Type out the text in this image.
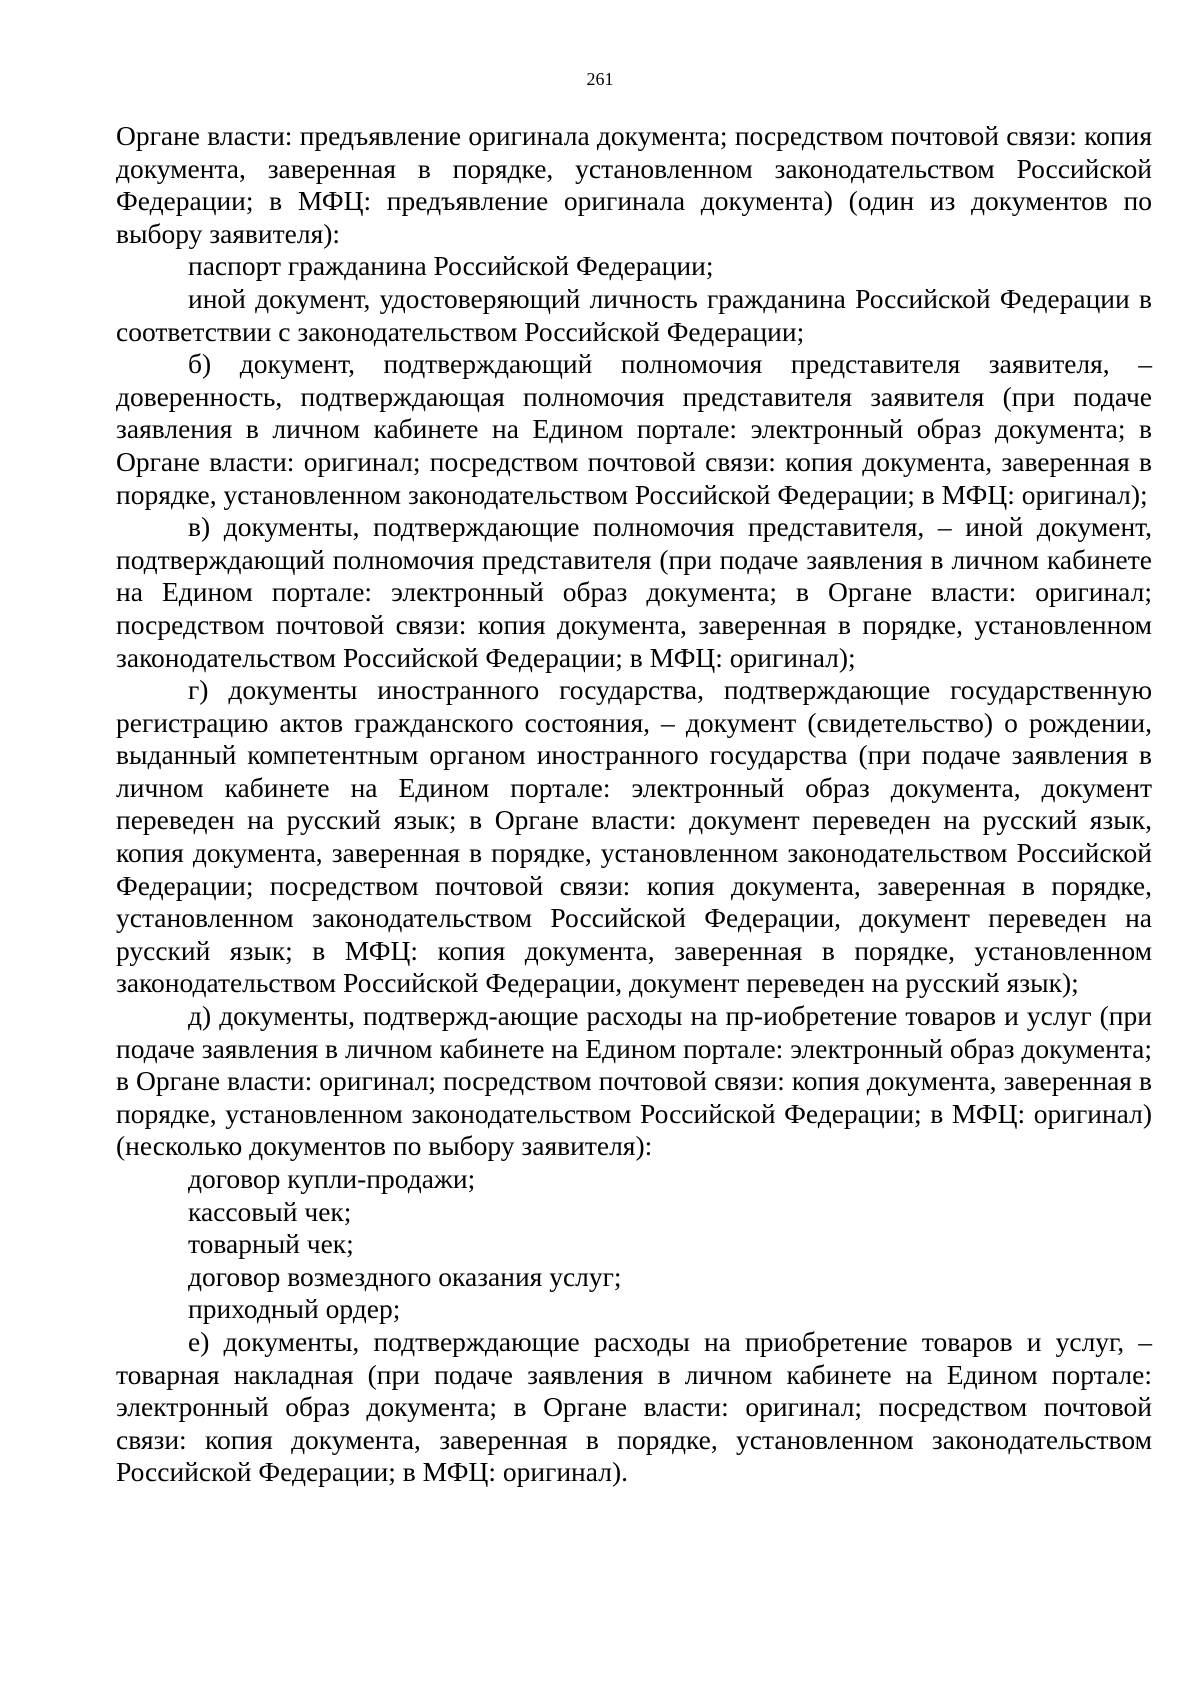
261

Органе власти: предъявление оригинала документа; посредством почтовой связи: копия документа, заверенная в порядке, установленном законодательством Российской Федерации; в МФЦ: предъявление оригинала документа) (один из документов по выбору заявителя):

паспорт гражданина Российской Федерации;

иной документ, удостоверяющий личность гражданина Российской Федерации в соответствии с законодательством Российской Федерации;

б) документ, подтверждающий полномочия представителя заявителя, – доверенность, подтверждающая полномочия представителя заявителя (при подаче заявления в личном кабинете на Едином портале: электронный образ документа; в Органе власти: оригинал; посредством почтовой связи: копия документа, заверенная в порядке, установленном законодательством Российской Федерации; в МФЦ: оригинал);

в) документы, подтверждающие полномочия представителя, – иной документ, подтверждающий полномочия представителя (при подаче заявления в личном кабинете на Едином портале: электронный образ документа; в Органе власти: оригинал; посредством почтовой связи: копия документа, заверенная в порядке, установленном законодательством Российской Федерации; в МФЦ: оригинал);

г) документы иностранного государства, подтверждающие государственную регистрацию актов гражданского состояния, – документ (свидетельство) о рождении, выданный компетентным органом иностранного государства (при подаче заявления в личном кабинете на Едином портале: электронный образ документа, документ переведен на русский язык; в Органе власти: документ переведен на русский язык, копия документа, заверенная в порядке, установленном законодательством Российской Федерации; посредством почтовой связи: копия документа, заверенная в порядке, установленном законодательством Российской Федерации, документ переведен на русский язык; в МФЦ: копия документа, заверенная в порядке, установленном законодательством Российской Федерации, документ переведен на русский язык);

д) документы, подтвержд-ающие расходы на пр-иобретение товаров и услуг (при подаче заявления в личном кабинете на Едином портале: электронный образ документа; в Органе власти: оригинал; посредством почтовой связи: копия документа, заверенная в порядке, установленном законодательством Российской Федерации; в МФЦ: оригинал) (несколько документов по выбору заявителя):

договор купли-продажи;

кассовый чек;

товарный чек;

договор возмездного оказания услуг;

приходный ордер;

е) документы, подтверждающие расходы на приобретение товаров и услуг, – товарная накладная (при подаче заявления в личном кабинете на Едином портале: электронный образ документа; в Органе власти: оригинал; посредством почтовой связи: копия документа, заверенная в порядке, установленном законодательством Российской Федерации; в МФЦ: оригинал).
